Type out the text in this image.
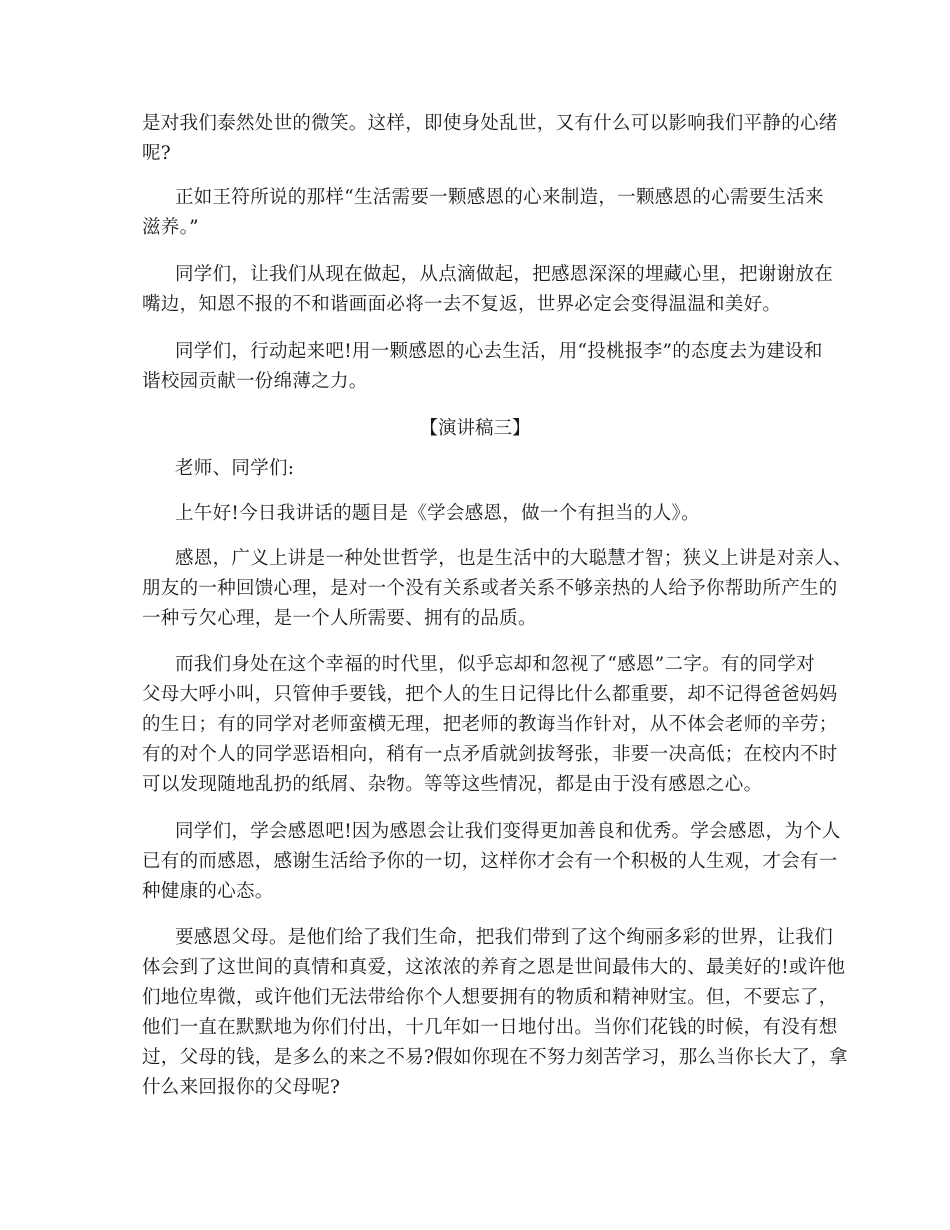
是对我们泰然处世的微笑。这样，即使身处乱世，又有什么可以影响我们平静的心绪
呢?
正如王符所说的那样“生活需要一颗感恩的心来制造，一颗感恩的心需要生活来
滋养。”
同学们，让我们从现在做起，从点滴做起，把感恩深深的埋藏心里，把谢谢放在
嘴边，知恩不报的不和谐画面必将一去不复返，世界必定会变得温温和美好。
同学们，行动起来吧!用一颗感恩的心去生活，用“投桃报李”的态度去为建设和
谐校园贡献一份绵薄之力。
【演讲稿三】
老师、同学们:
上午好!今日我讲话的题目是《学会感恩，做一个有担当的人》。
感恩，广义上讲是一种处世哲学，也是生活中的大聪慧才智；狭义上讲是对亲人、
朋友的一种回馈心理，是对一个没有关系或者关系不够亲热的人给予你帮助所产生的
一种亏欠心理，是一个人所需要、拥有的品质。
而我们身处在这个幸福的时代里，似乎忘却和忽视了“感恩”二字。有的同学对
父母大呼小叫，只管伸手要钱，把个人的生日记得比什么都重要，却不记得爸爸妈妈
的生日；有的同学对老师蛮横无理，把老师的教诲当作针对，从不体会老师的辛劳；
有的对个人的同学恶语相向，稍有一点矛盾就剑拔弩张，非要一决高低；在校内不时
可以发现随地乱扔的纸屑、杂物。等等这些情况，都是由于没有感恩之心。
同学们，学会感恩吧!因为感恩会让我们变得更加善良和优秀。学会感恩，为个人
已有的而感恩，感谢生活给予你的一切，这样你才会有一个积极的人生观，才会有一
种健康的心态。
要感恩父母。是他们给了我们生命，把我们带到了这个绚丽多彩的世界，让我们
体会到了这世间的真情和真爱，这浓浓的养育之恩是世间最伟大的、最美好的!或许他
们地位卑微，或许他们无法带给你个人想要拥有的物质和精神财宝。但，不要忘了，
他们一直在默默地为你们付出，十几年如一日地付出。当你们花钱的时候，有没有想
过，父母的钱，是多么的来之不易?假如你现在不努力刻苦学习，那么当你长大了，拿
什么来回报你的父母呢?
